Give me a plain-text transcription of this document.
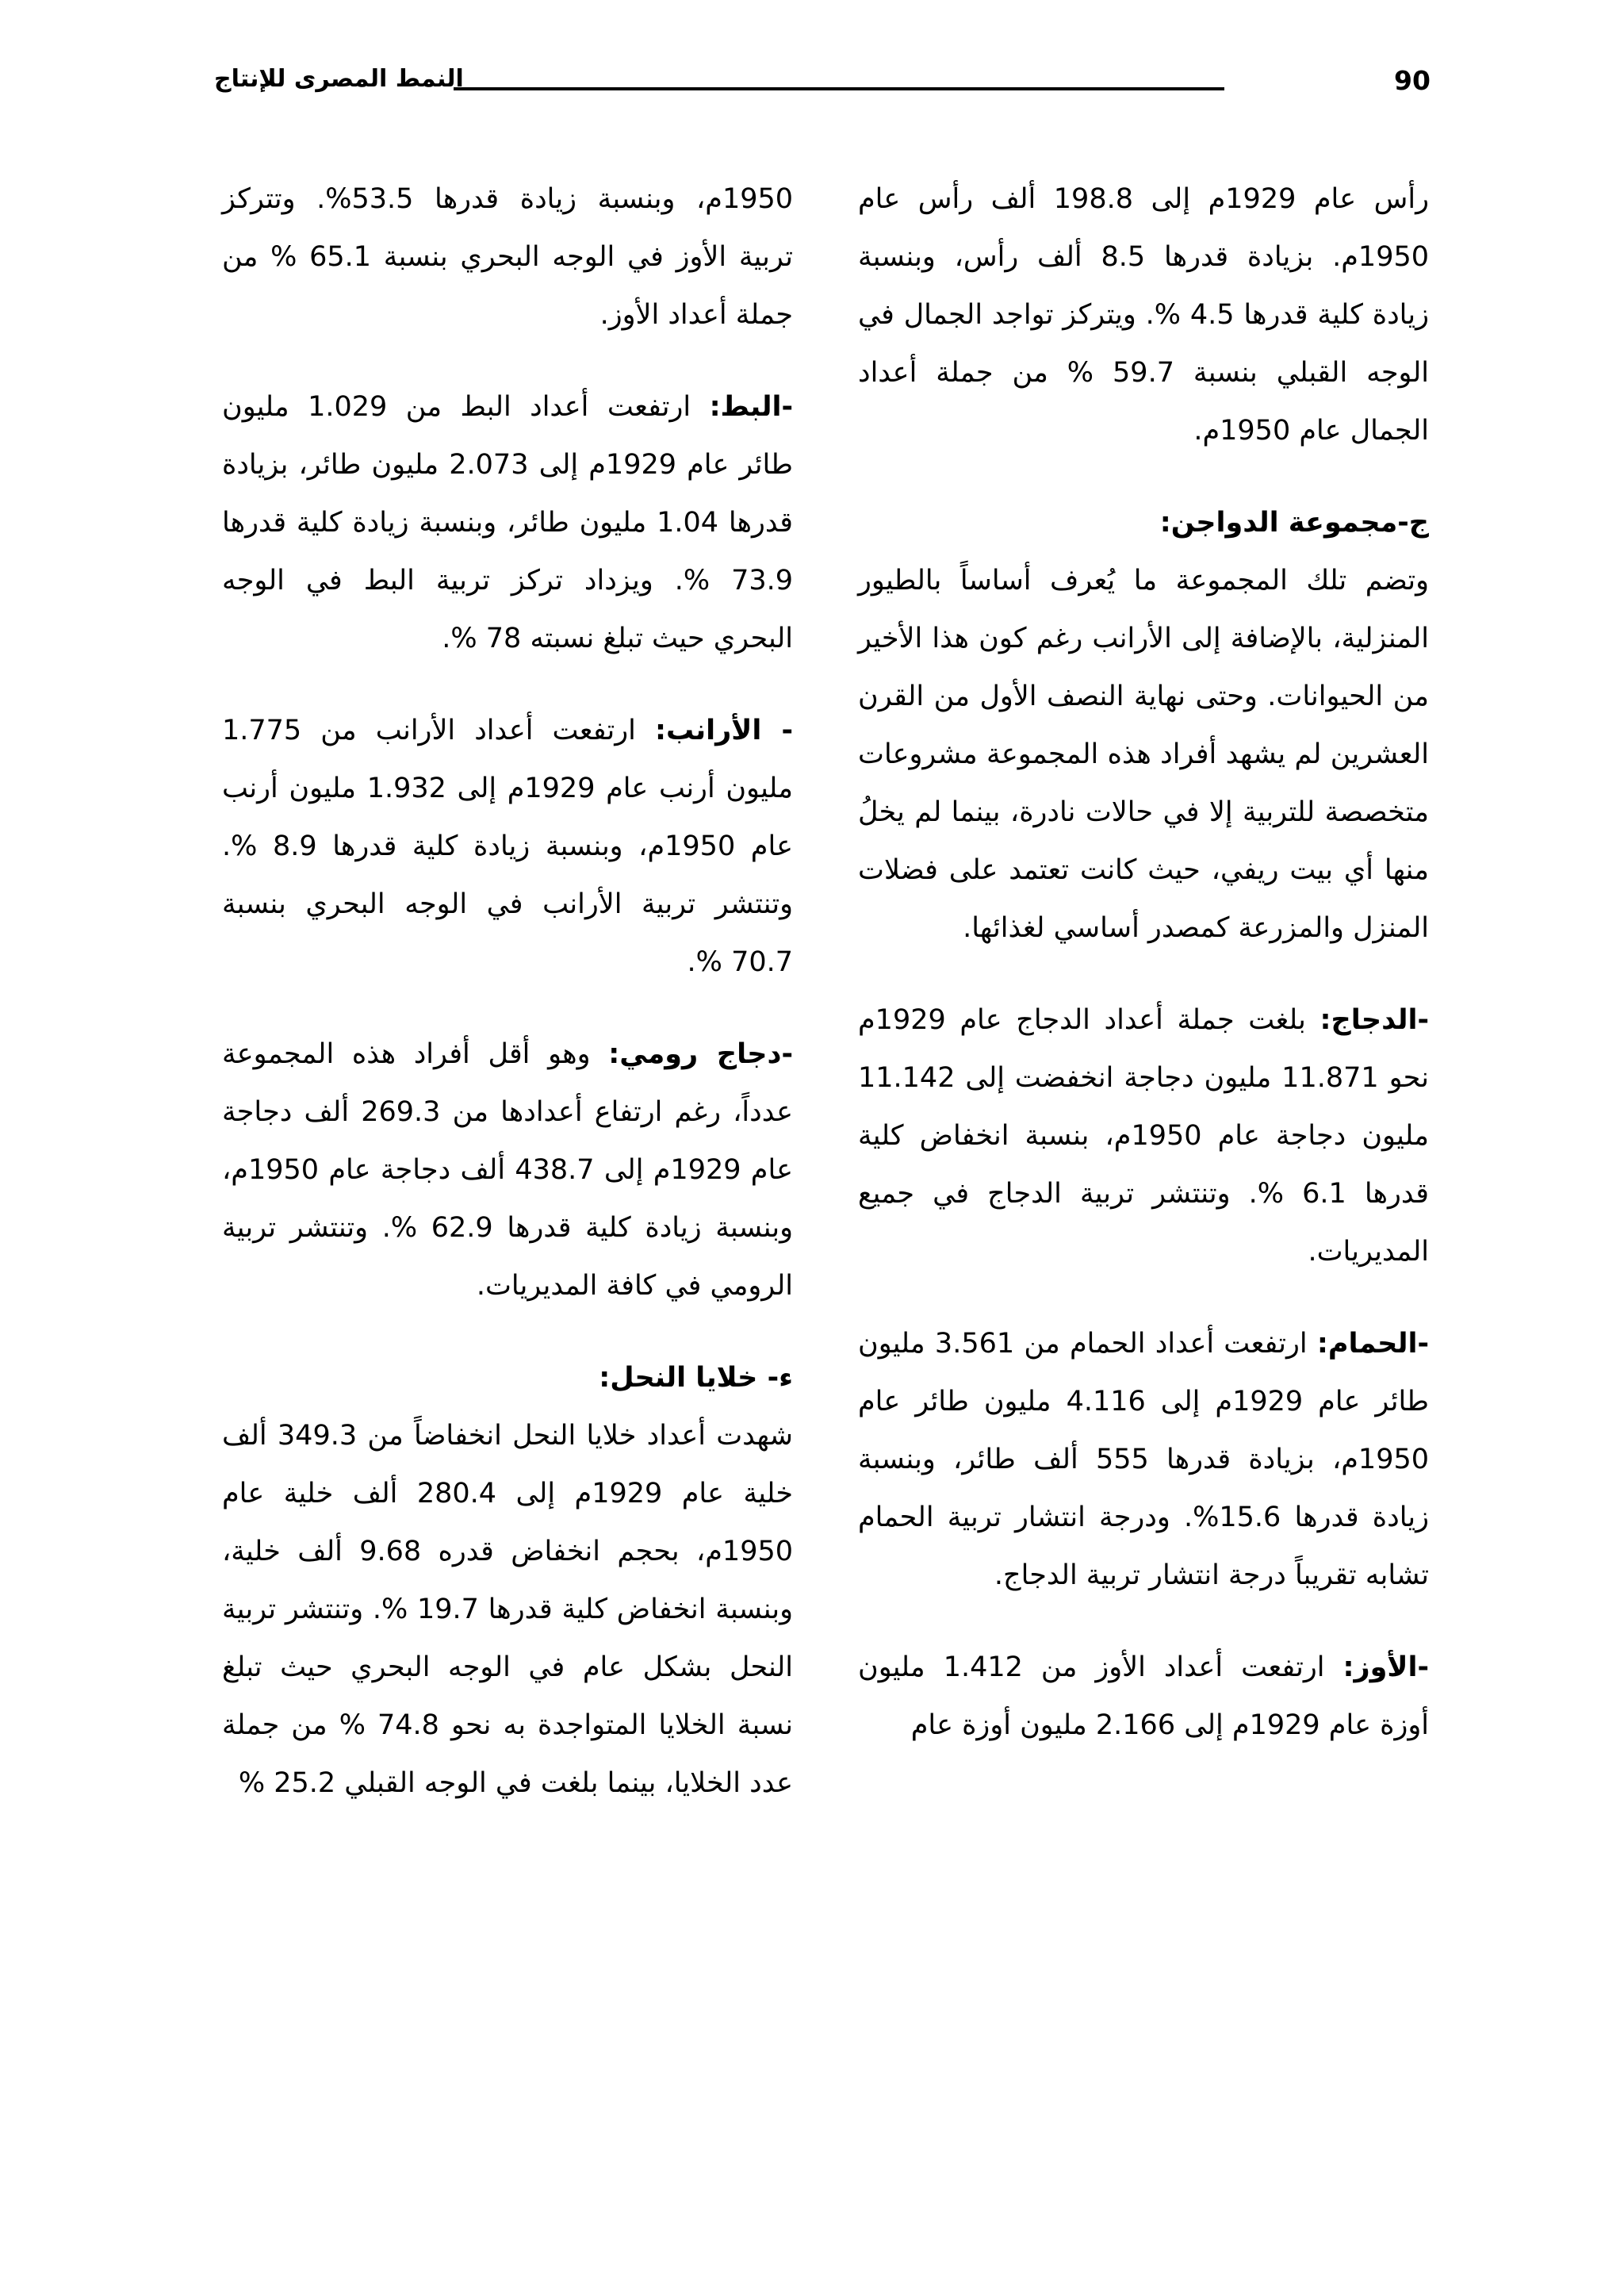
90
النمط المصرى للإنتاج

رأس عام 1929م إلى 198.8 ألف رأس عام 1950م. بزيادة قدرها 8.5 ألف رأس، وبنسبة زيادة كلية قدرها 4.5 %. ويتركز تواجد الجمال في الوجه القبلي بنسبة 59.7 % من جملة أعداد الجمال عام 1950م.

ج-مجموعة الدواجن:

وتضم تلك المجموعة ما يُعرف أساساً بالطيور المنزلية، بالإضافة إلى الأرانب رغم كون هذا الأخير من الحيوانات. وحتى نهاية النصف الأول من القرن العشرين لم يشهد أفراد هذه المجموعة مشروعات متخصصة للتربية إلا في حالات نادرة، بينما لم يخلُ منها أي بيت ريفي، حيث كانت تعتمد على فضلات المنزل والمزرعة كمصدر أساسي لغذائها.

-الدجاج: بلغت جملة أعداد الدجاج عام 1929م نحو 11.871 مليون دجاجة انخفضت إلى 11.142 مليون دجاجة عام 1950م، بنسبة انخفاض كلية قدرها 6.1 %. وتنتشر تربية الدجاج في جميع المديريات.

-الحمام: ارتفعت أعداد الحمام من 3.561 مليون طائر عام 1929م إلى 4.116 مليون طائر عام 1950م، بزيادة قدرها 555 ألف طائر، وبنسبة زيادة قدرها 15.6%. ودرجة انتشار تربية الحمام تشابه تقريباً درجة انتشار تربية الدجاج.

-الأوز: ارتفعت أعداد الأوز من 1.412 مليون أوزة عام 1929م إلى 2.166 مليون أوزة عام

1950م، وبنسبة زيادة قدرها 53.5%. وتتركز تربية الأوز في الوجه البحري بنسبة 65.1 % من جملة أعداد الأوز.

-البط: ارتفعت أعداد البط من 1.029 مليون طائر عام 1929م إلى 2.073 مليون طائر، بزيادة قدرها 1.04 مليون طائر، وبنسبة زيادة كلية قدرها 73.9 %. ويزداد تركز تربية البط في الوجه البحري حيث تبلغ نسبته 78 %.

- الأرانب: ارتفعت أعداد الأرانب من 1.775 مليون أرنب عام 1929م إلى 1.932 مليون أرنب عام 1950م، وبنسبة زيادة كلية قدرها 8.9 %. وتنتشر تربية الأرانب في الوجه البحري بنسبة 70.7 %.

-دجاج رومي: وهو أقل أفراد هذه المجموعة عدداً، رغم ارتفاع أعدادها من 269.3 ألف دجاجة عام 1929م إلى 438.7 ألف دجاجة عام 1950م، وبنسبة زيادة كلية قدرها 62.9 %. وتنتشر تربية الرومي في كافة المديريات.

ء- خلايا النحل:

شهدت أعداد خلايا النحل انخفاضاً من 349.3 ألف خلية عام 1929م إلى 280.4 ألف خلية عام 1950م، بحجم انخفاض قدره 9.68 ألف خلية، وبنسبة انخفاض كلية قدرها 19.7 %. وتنتشر تربية النحل بشكل عام في الوجه البحري حيث تبلغ نسبة الخلايا المتواجدة به نحو 74.8 % من جملة عدد الخلايا، بينما بلغت في الوجه القبلي 25.2 %
